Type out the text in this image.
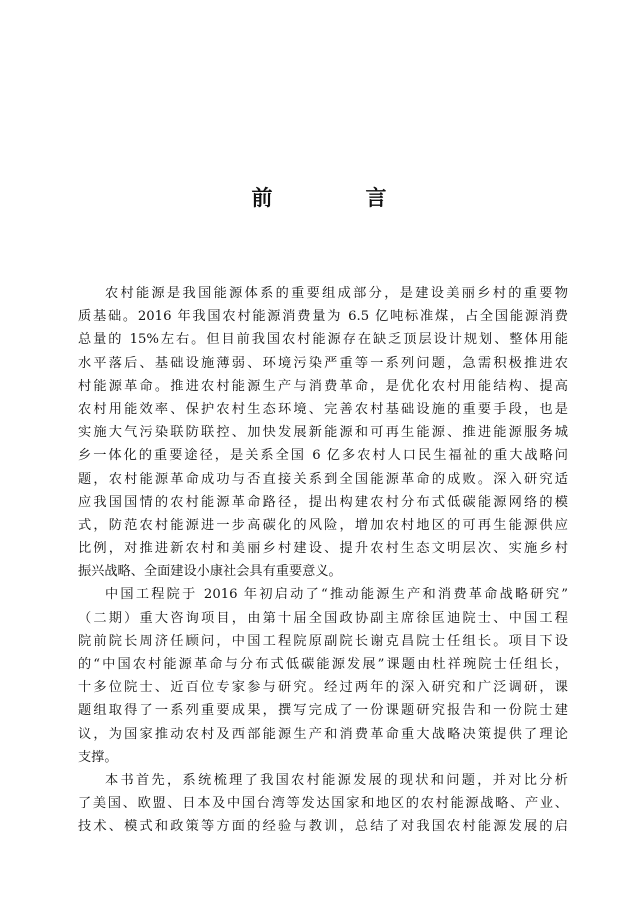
前　言
农村能源是我国能源体系的重要组成部分，是建设美丽乡村的重要物
质基础。2016 年我国农村能源消费量为 6.5 亿吨标准煤，占全国能源消费
总量的 15%左右。但目前我国农村能源存在缺乏顶层设计规划、整体用能
水平落后、基础设施薄弱、环境污染严重等一系列问题，急需积极推进农
村能源革命。推进农村能源生产与消费革命，是优化农村用能结构、提高
农村用能效率、保护农村生态环境、完善农村基础设施的重要手段，也是
实施大气污染联防联控、加快发展新能源和可再生能源、推进能源服务城
乡一体化的重要途径，是关系全国 6 亿多农村人口民生福祉的重大战略问
题，农村能源革命成功与否直接关系到全国能源革命的成败。深入研究适
应我国国情的农村能源革命路径，提出构建农村分布式低碳能源网络的模
式，防范农村能源进一步高碳化的风险，增加农村地区的可再生能源供应
比例，对推进新农村和美丽乡村建设、提升农村生态文明层次、实施乡村
振兴战略、全面建设小康社会具有重要意义。
中国工程院于 2016 年初启动了“推动能源生产和消费革命战略研究”
（二期）重大咨询项目，由第十届全国政协副主席徐匡迪院士、中国工程
院前院长周济任顾问，中国工程院原副院长谢克昌院士任组长。项目下设
的“中国农村能源革命与分布式低碳能源发展”课题由杜祥琬院士任组长，
十多位院士、近百位专家参与研究。经过两年的深入研究和广泛调研，课
题组取得了一系列重要成果，撰写完成了一份课题研究报告和一份院士建
议，为国家推动农村及西部能源生产和消费革命重大战略决策提供了理论
支撑。
本书首先，系统梳理了我国农村能源发展的现状和问题，并对比分析
了美国、欧盟、日本及中国台湾等发达国家和地区的农村能源战略、产业、
技术、模式和政策等方面的经验与教训，总结了对我国农村能源发展的启
